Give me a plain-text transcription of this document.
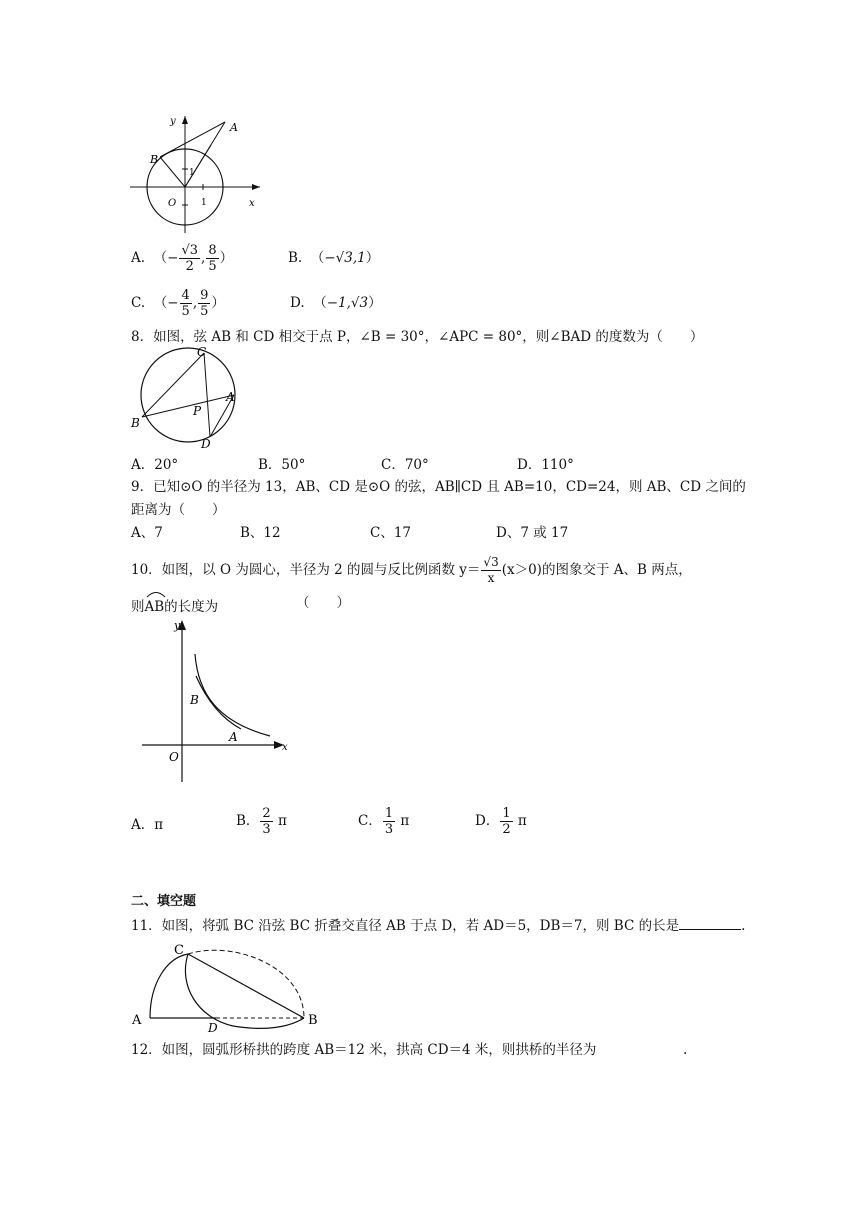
y
x
A
B
O	1
1
A.  （− $\frac{√3}{2}$ , $\frac{8}{5}$ ）	B.  （−√3,1）
C.  （− $\frac{4}{5}$ , $\frac{9}{5}$ ）	D.  （−1,√3）
8．如图，弦 AB 和 CD 相交于点 P，∠B = 30°，∠APC = 80°，则∠BAD 的度数为（　　）
C
A
B
P
D
A．20°	B．50°	C．70°	D．110°
9．已知⊙O 的半径为 13，AB、CD 是⊙O 的弦，AB∥CD 且 AB=10，CD=24，则 AB、CD 之间的
距离为（　　）
A、7	B、12	C、17	D、7 或 17
10．如图，以 O 为圆心，半径为 2 的圆与反比例函数 $y= \frac{√3}{x} (x>0)$的图象交于 A、B 两点，
则
AB的长度为	（　　）
y
x
B
A
O
A．π	B． $\frac{2}{3}$ π	C． $\frac{1}{3}$ π	D． $\frac{1}{2}$ π
二、填空题
11．如图，将弧 BC 沿弦 BC 折叠交直径 AB 于点 D，若 AD＝5，DB＝7，则 BC 的长是	.
C
A	D	B
12．如图，圆弧形桥拱的跨度 AB＝12 米，拱高 CD＝4 米，则拱桥的半径为	.
